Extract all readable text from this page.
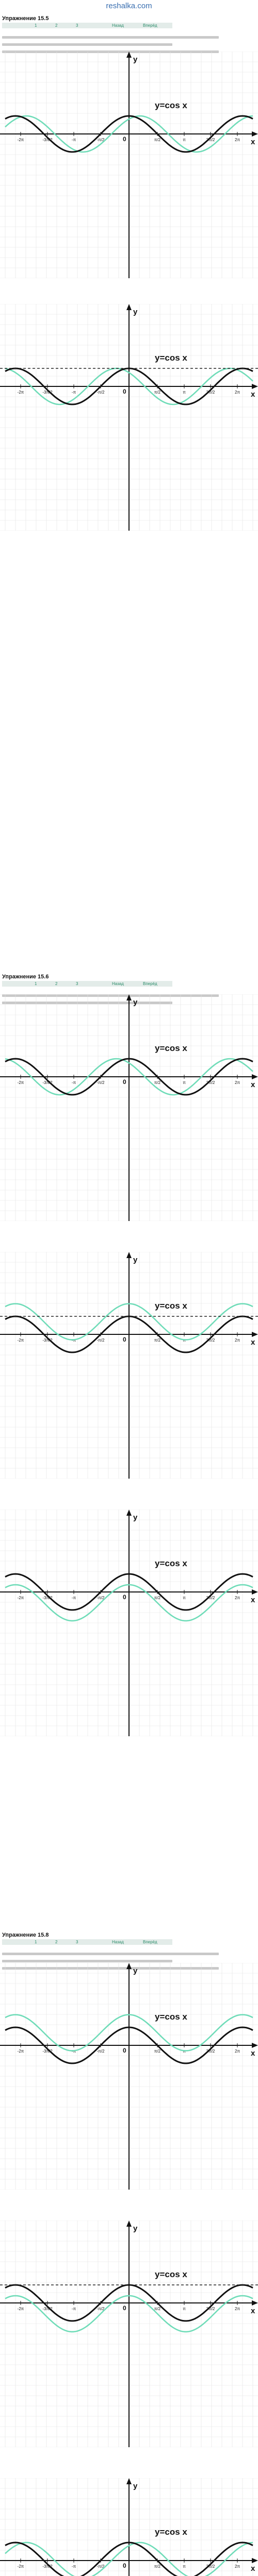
reshalka.com
Упражнение 15.5
1	2	3	Назад	Вперёд
-2π	-3π/2	-π	-π/2	π/2	π	3π/2	2π x
y
0
y=cos x
-2π	-3π/2	-π	-π/2	π/2	π	3π/2	2π x
y
0
y=cos x
Упражнение 15.6
1	2	3	Назад	Вперёд
-2π	-3π/2	-π	-π/2	π/2	π	3π/2	2π x
y
0
y=cos x
-2π	-3π/2	-π	-π/2	π/2	π	3π/2	2π x
y
0
y=cos x
-2π	-3π/2	-π	-π/2	π/2	π	3π/2	2π x
y
0
y=cos x
Упражнение 15.8
1	2	3	Назад	Вперёд
-2π	-3π/2	-π	-π/2	π/2	π	3π/2	2π x
y
0
y=cos x
-2π	-3π/2	-π	-π/2	π/2	π	3π/2	2π x
y
0
y=cos x
-2π	-3π/2	-π	-π/2	π/2	π	3π/2	2π x
y
0
y=cos x
